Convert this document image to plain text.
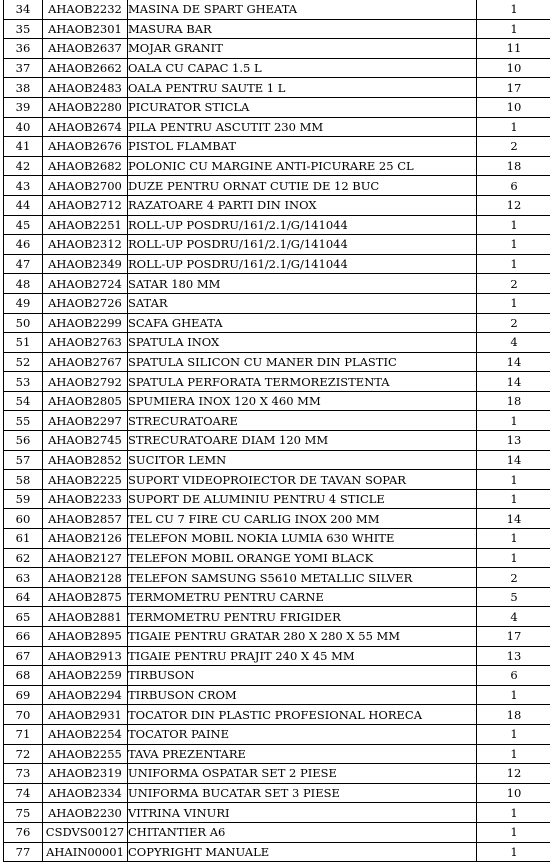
34	AHAOB2232	MASINA DE SPART GHEATA	1
35	AHAOB2301	MASURA BAR	1
36	AHAOB2637	MOJAR GRANIT	11
37	AHAOB2662	OALA CU CAPAC 1.5 L	10
38	AHAOB2483	OALA PENTRU SAUTE 1 L	17
39	AHAOB2280	PICURATOR STICLA	10
40	AHAOB2674	PILA PENTRU ASCUTIT 230 MM	1
41	AHAOB2676	PISTOL FLAMBAT	2
42	AHAOB2682	POLONIC CU MARGINE ANTI-PICURARE 25 CL	18
43	AHAOB2700	DUZE PENTRU ORNAT CUTIE DE 12 BUC	6
44	AHAOB2712	RAZATOARE 4 PARTI DIN INOX	12
45	AHAOB2251	ROLL-UP POSDRU/161/2.1/G/141044	1
46	AHAOB2312	ROLL-UP POSDRU/161/2.1/G/141044	1
47	AHAOB2349	ROLL-UP POSDRU/161/2.1/G/141044	1
48	AHAOB2724	SATAR 180 MM	2
49	AHAOB2726	SATAR	1
50	AHAOB2299	SCAFA GHEATA	2
51	AHAOB2763	SPATULA INOX	4
52	AHAOB2767	SPATULA SILICON CU MANER DIN PLASTIC	14
53	AHAOB2792	SPATULA PERFORATA TERMOREZISTENTA	14
54	AHAOB2805	SPUMIERA INOX 120 X 460 MM	18
55	AHAOB2297	STRECURATOARE	1
56	AHAOB2745	STRECURATOARE DIAM 120 MM	13
57	AHAOB2852	SUCITOR LEMN	14
58	AHAOB2225	SUPORT VIDEOPROIECTOR DE TAVAN SOPAR	1
59	AHAOB2233	SUPORT DE ALUMINIU PENTRU 4 STICLE	1
60	AHAOB2857	TEL CU 7 FIRE CU CARLIG INOX 200 MM	14
61	AHAOB2126	TELEFON MOBIL NOKIA LUMIA 630 WHITE	1
62	AHAOB2127	TELEFON MOBIL ORANGE YOMI BLACK	1
63	AHAOB2128	TELEFON SAMSUNG S5610 METALLIC SILVER	2
64	AHAOB2875	TERMOMETRU PENTRU CARNE	5
65	AHAOB2881	TERMOMETRU PENTRU FRIGIDER	4
66	AHAOB2895	TIGAIE PENTRU GRATAR 280 X 280 X 55 MM	17
67	AHAOB2913	TIGAIE PENTRU PRAJIT 240 X 45 MM	13
68	AHAOB2259	TIRBUSON	6
69	AHAOB2294	TIRBUSON CROM	1
70	AHAOB2931	TOCATOR DIN PLASTIC PROFESIONAL HORECA	18
71	AHAOB2254	TOCATOR PAINE	1
72	AHAOB2255	TAVA PREZENTARE	1
73	AHAOB2319	UNIFORMA OSPATAR SET 2 PIESE	12
74	AHAOB2334	UNIFORMA BUCATAR SET 3 PIESE	10
75	AHAOB2230	VITRINA VINURI	1
76	CSDVS00127	CHITANTIER A6	1
77	AHAIN00001	COPYRIGHT MANUALE	1
